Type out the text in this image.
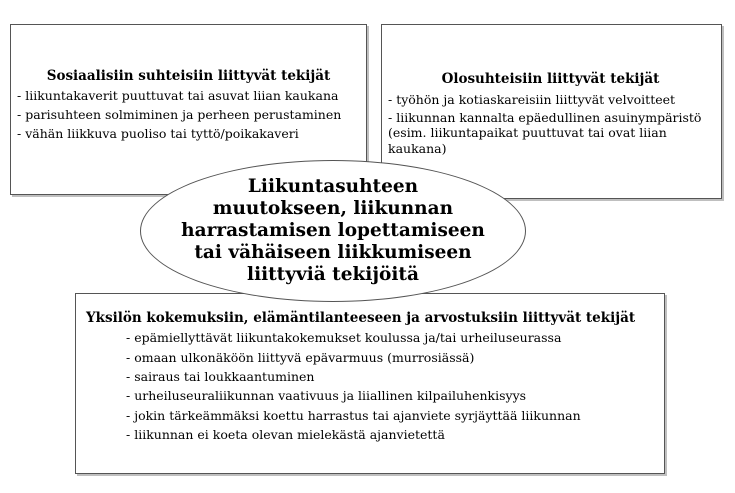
Sosiaalisiin suhteisiin liittyvät tekijät

- liikuntakaverit puuttuvat tai asuvat liian kaukana
- parisuhteen solmiminen ja perheen perustaminen
- vähän liikkuva puoliso tai tyttö/poikakaveri

Olosuhteisiin liittyvät tekijät

- työhön ja kotiaskareisiin liittyvät velvoitteet
- liikunnan kannalta epäedullinen asuinympäristö (esim. liikuntapaikat puuttuvat tai ovat liian kaukana)

Yksilön kokemuksiin, elämäntilanteeseen ja arvostuksiin liittyvät tekijät

- epämiellyttävät liikuntakokemukset koulussa ja/tai urheiluseurassa
- omaan ulkonäköön liittyvä epävarmuus (murrosiässä)
- sairaus tai loukkaantuminen
- urheiluseuraliikunnan vaativuus ja liiallinen kilpailuhenkisyys
- jokin tärkeämmäksi koettu harrastus tai ajanviete syrjäyttää liikunnan
- liikunnan ei koeta olevan mielekästä ajanvietettä

Liikuntasuhteen
muutokseen, liikunnan
harrastamisen lopettamiseen
tai vähäiseen liikkumiseen
liittyviä tekijöitä
